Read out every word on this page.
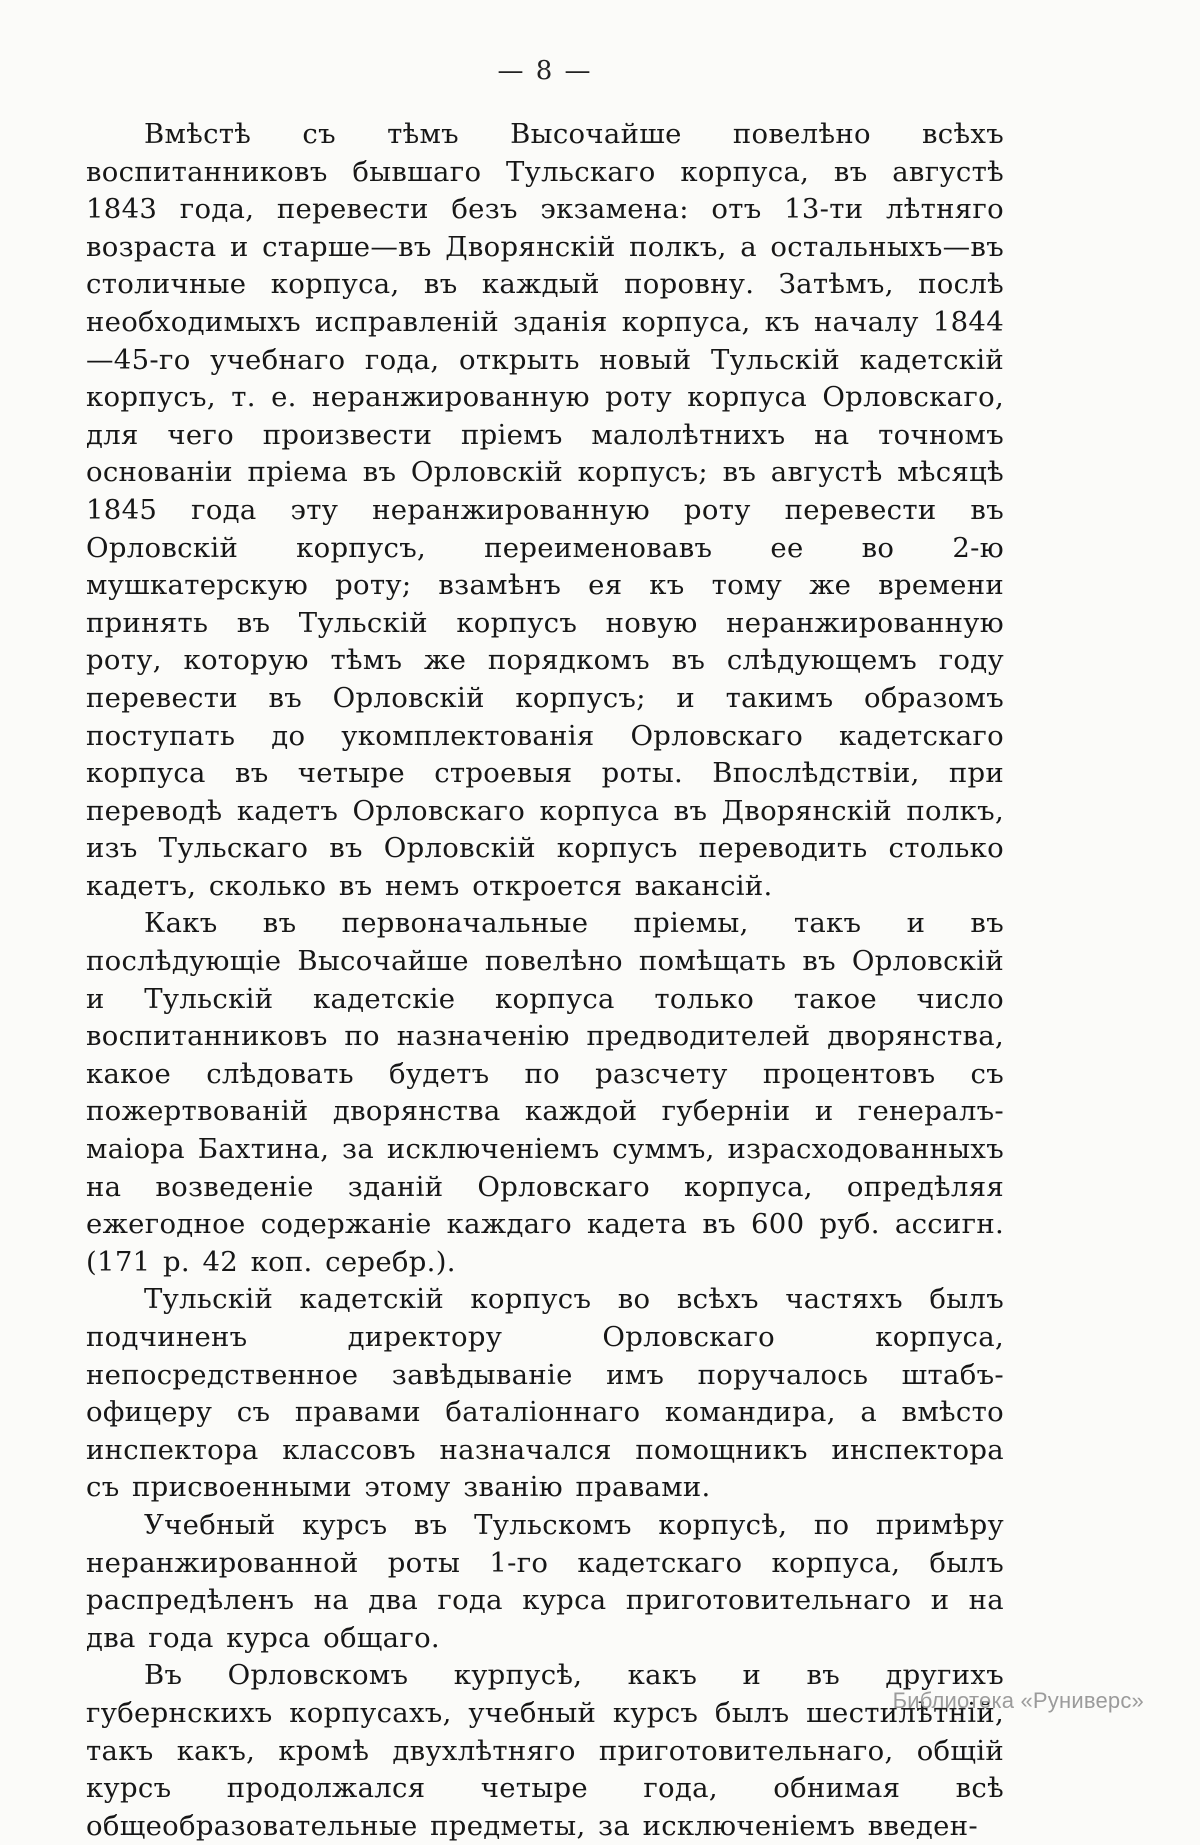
— 8 —

Вмѣстѣ съ тѣмъ Высочайше повелѣно всѣхъ воспитанниковъ бывшаго Тульскаго корпуса, въ августѣ 1843 года, перевести безъ экзамена: отъ 13-ти лѣтняго возраста и старше—въ Дворянскій полкъ, а остальныхъ—въ столичные корпуса, въ каждый поровну. Затѣмъ, послѣ необходимыхъ исправленій зданія корпуса, къ началу 1844—45-го учебнаго года, открыть новый Тульскій кадетскій корпусъ, т. е. неранжированную роту корпуса Орловскаго, для чего произвести пріемъ малолѣтнихъ на точномъ основаніи пріема въ Орловскій корпусъ; въ августѣ мѣсяцѣ 1845 года эту неранжированную роту перевести въ Орловскій корпусъ, переименовавъ ее во 2-ю мушкатерскую роту; взамѣнъ ея къ тому же времени принять въ Тульскій корпусъ новую неранжированную роту, которую тѣмъ же порядкомъ въ слѣдующемъ году перевести въ Орловскій корпусъ; и такимъ образомъ поступать до укомплектованія Орловскаго кадетскаго корпуса въ четыре строевыя роты. Впослѣдствіи, при переводѣ кадетъ Орловскаго корпуса въ Дворянскій полкъ, изъ Тульскаго въ Орловскій корпусъ переводить столько кадетъ, сколько въ немъ откроется вакансій.

Какъ въ первоначальные пріемы, такъ и въ послѣдующіе Высочайше повелѣно помѣщать въ Орловскій и Тульскій кадетскіе корпуса только такое число воспитанниковъ по назначенію предводителей дворянства, какое слѣдовать будетъ по разсчету процентовъ съ пожертвованій дворянства каждой губерніи и генералъ-маіора Бахтина, за исключеніемъ суммъ, израсходованныхъ на возведеніе зданій Орловскаго корпуса, опредѣляя ежегодное содержаніе каждаго кадета въ 600 руб. ассигн. (171 р. 42 коп. серебр.).

Тульскій кадетскій корпусъ во всѣхъ частяхъ былъ подчиненъ директору Орловскаго корпуса, непосредственное завѣдываніе имъ поручалось штабъ-офицеру съ правами баталіоннаго командира, а вмѣсто инспектора классовъ назначался помощникъ инспектора съ присвоенными этому званію правами.

Учебный курсъ въ Тульскомъ корпусѣ, по примѣру неранжированной роты 1-го кадетскаго корпуса, былъ распредѣленъ на два года курса приготовительнаго и на два года курса общаго.

Въ Орловскомъ курпусѣ, какъ и въ другихъ губернскихъ корпусахъ, учебный курсъ былъ шестилѣтній, такъ какъ, кромѣ двухлѣтняго приготовительнаго, общій курсъ продолжался четыре года, обнимая всѣ общеобразовательные предметы, за исключеніемъ введен-

Библиотека «Руниверс»
